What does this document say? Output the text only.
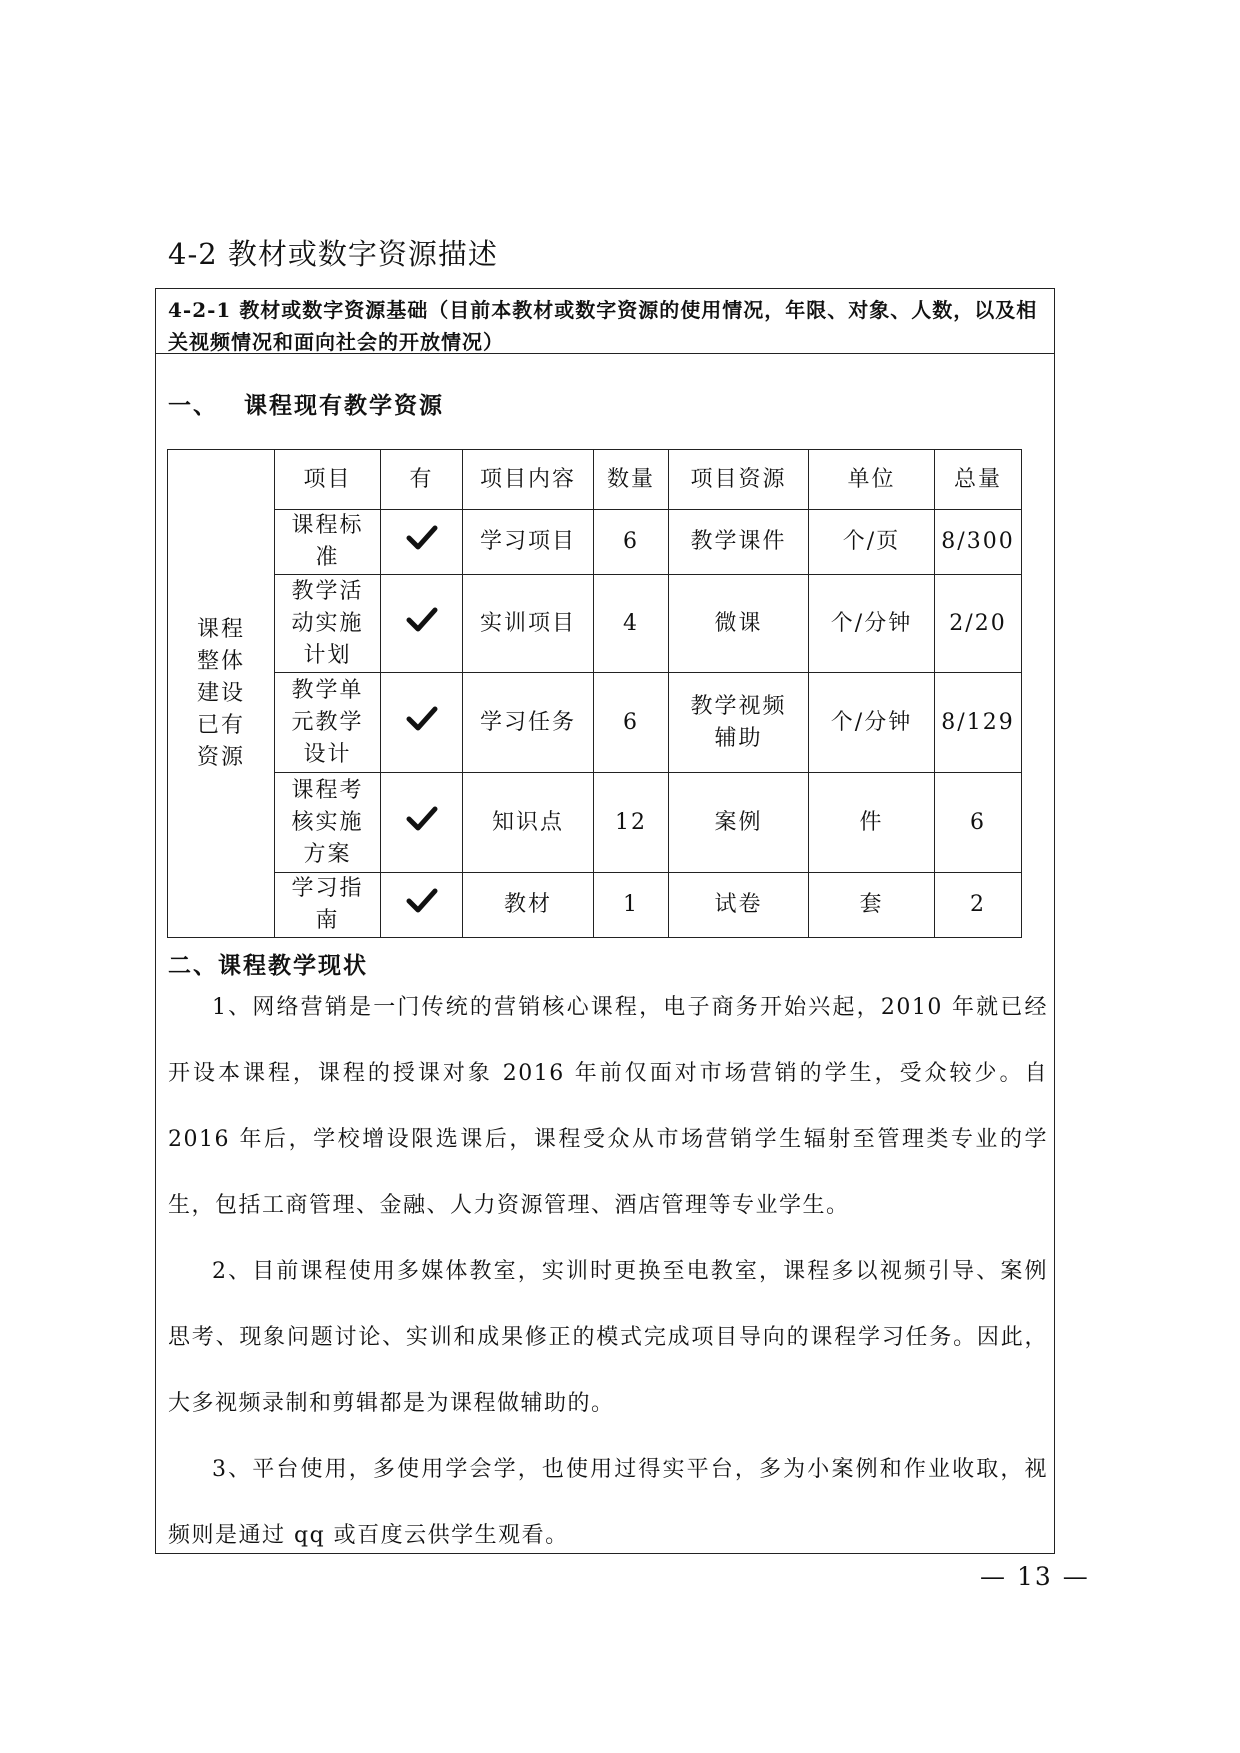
4-2 教材或数字资源描述
4-2-1 教材或数字资源基础（目前本教材或数字资源的使用情况，年限、对象、人数，以及相关视频情况和面向社会的开放情况）
一、 课程现有教学资源
课程整体建设已有资源	项目	有	项目内容	数量	项目资源	单位	总量

	课程标准		学习项目	6	教学课件	个/页	8/300

	教学活动实施计划		实训项目	4	微课	个/分钟	2/20

	教学单元教学设计		学习任务	6	教学视频辅助	个/分钟	8/129

	课程考核实施方案		知识点	12	案例	件	6

	学习指南		教材	1	试卷	套	2
二、课程教学现状
1、网络营销是一门传统的营销核心课程，电子商务开始兴起，2010 年就已经开设本课程，课程的授课对象 2016 年前仅面对市场营销的学生，受众较少。自 2016 年后，学校增设限选课后，课程受众从市场营销学生辐射至管理类专业的学生，包括工商管理、金融、人力资源管理、酒店管理等专业学生。
2、目前课程使用多媒体教室，实训时更换至电教室，课程多以视频引导、案例思考、现象问题讨论、实训和成果修正的模式完成项目导向的课程学习任务。因此，大多视频录制和剪辑都是为课程做辅助的。
3、平台使用，多使用学会学，也使用过得实平台，多为小案例和作业收取，视频则是通过 qq 或百度云供学生观看。
— 13 —
